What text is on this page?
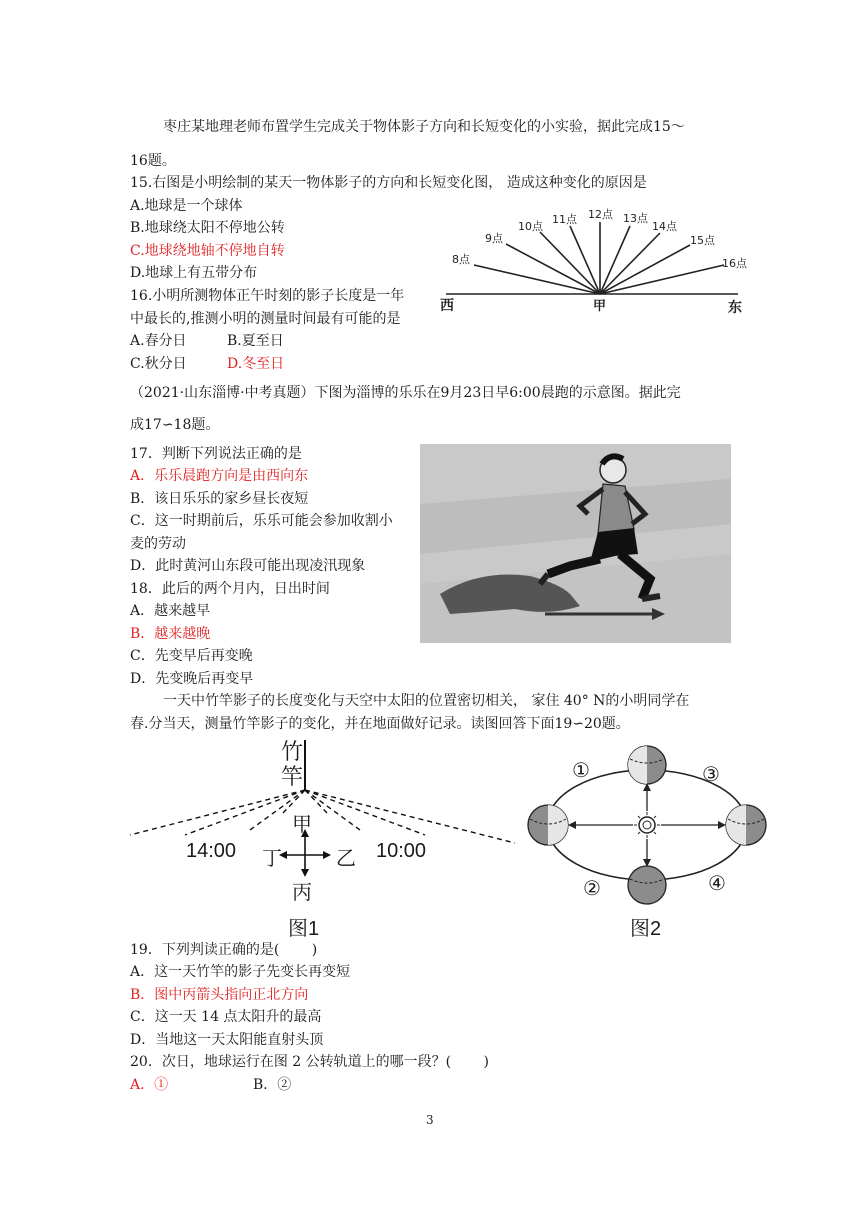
枣庄某地理老师布置学生完成关于物体影子方向和长短变化的小实验，据此完成15～
16题。
15.右图是小明绘制的某天一物体影子的方向和长短变化图， 造成这种变化的原因是
A.地球是一个球体
B.地球绕太阳不停地公转
C.地球绕地轴不停地自转
D.地球上有五带分布
16.小明所测物体正午时刻的影子长度是一年
中最长的,推测小明的测量时间最有可能的是
A.春分日	B.夏至日
C.秋分日	D.冬至日
8点
9点
10点
11点 12点 13点
14点
15点
16点
西	甲	东
（2021·山东淄博·中考真题）下图为淄博的乐乐在9月23日早6:00晨跑的示意图。据此完
成17∽18题。
17．判断下列说法正确的是
A．乐乐晨跑方向是由西向东
B．该日乐乐的家乡昼长夜短
C．这一时期前后，乐乐可能会参加收割小
麦的劳动
D．此时黄河山东段可能出现凌汛现象
18．此后的两个月内，日出时间
A．越来越早
B．越来越晚
C．先变早后再变晚
D．先变晚后再变早
一天中竹竿影子的长度变化与天空中太阳的位置密切相关， 家住 40° N的小明同学在
春.分当天，测量竹竿影子的变化，并在地面做好记录。读图回答下面19∽20题。
竹
竿
甲
丁	乙
丙
14:00	10:00
图1
①
②
③
④
图2
19．下列判读正确的是(　　 )
A．这一天竹竿的影子先变长再变短
B．图中丙箭头指向正北方向
C．这一天 14 点太阳升的最高
D．当地这一天太阳能直射头顶
20．次日，地球运行在图 2 公转轨道上的哪一段？(　　 )
A．①	B．②
3
